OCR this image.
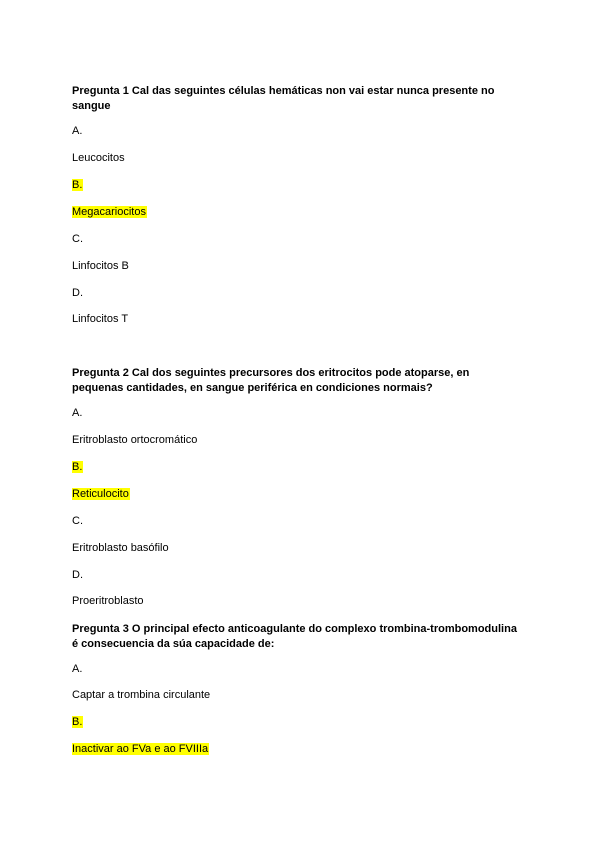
Pregunta 1 Cal das seguintes células hemáticas non vai estar nunca presente no sangue

A.
Leucocitos
B.
Megacariocitos
C.
Linfocitos B
D.
Linfocitos T

Pregunta 2 Cal dos seguintes precursores dos eritrocitos pode atoparse, en pequenas cantidades, en sangue periférica en condiciones normais?

A.
Eritroblasto ortocromático
B.
Reticulocito
C.
Eritroblasto basófilo
D.
Proeritroblasto

Pregunta 3 O principal efecto anticoagulante do complexo trombina-trombomodulina é consecuencia da súa capacidade de:

A.
Captar a trombina circulante
B.
Inactivar ao FVa e ao FVIIIa
